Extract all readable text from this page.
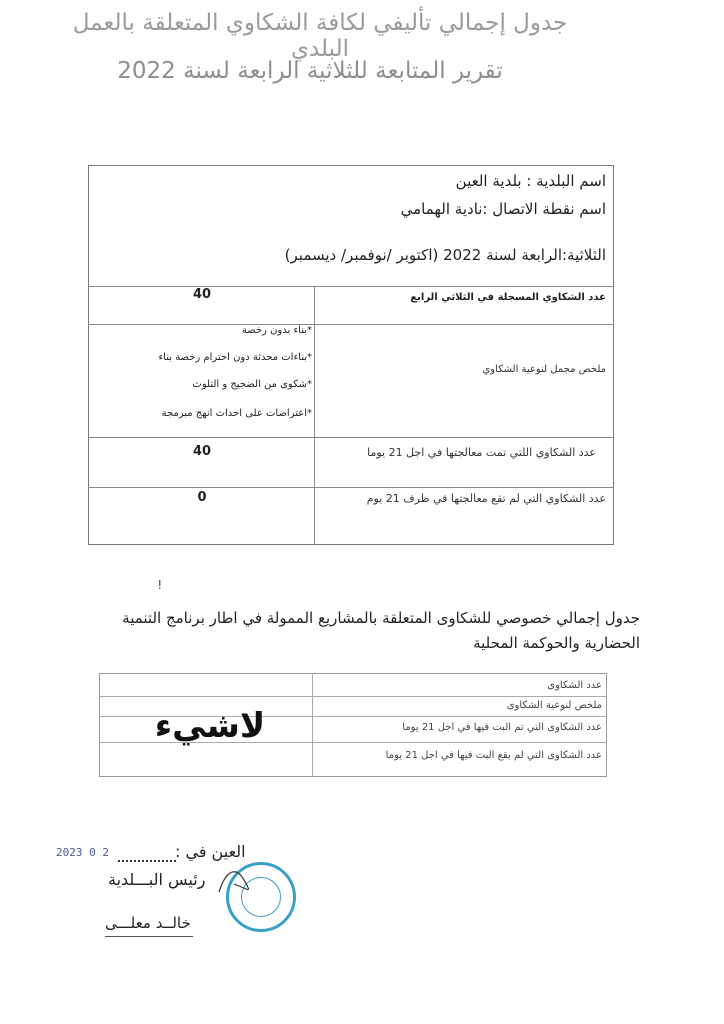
جدول إجمالي تأليفي لكافة الشكاوي المتعلقة بالعمل البلدي
تقرير المتابعة للثلاثية الرابعة لسنة 2022
اسم البلدية : بلدية العين
اسم نقطة الاتصال :نادية الهمامي
الثلاثية:الرابعة لسنة 2022 (اكتوبر /نوفمبر/ ديسمبر)
عدد الشكاوي المسجلة في الثلاثي الرابع
40
ملخص مجمل لنوعية الشكاوي
*بناء بدون رخصة
*بناءات محدثة دون احترام رخصة بناء
*شكوى من الضجيج و التلوث
*اعتراضات على احداث انهج مبرمجة
عدد الشكاوي اللتي تمت معالجتها في اجل 21 يوما
40
عدد الشكاوي التي لم تقع معالجتها في ظرف 21 يوم
0
ǃ
جدول إجمالي خصوصي للشكاوى المتعلقة بالمشاريع الممولة في اطار برنامج التنمية الحضارية والحوكمة المحلية
عدد الشكاوى
ملخص لنوعية الشكاوى
عدد الشكاوى التي تم البت فيها في اجل 21 يوما
عدد الشكاوى التي لم يقع البت فيها في اجل 21 يوما
لاشيء
2023 0 2	العين في :
رئيس البـــلدية
خالــد معلـــى
